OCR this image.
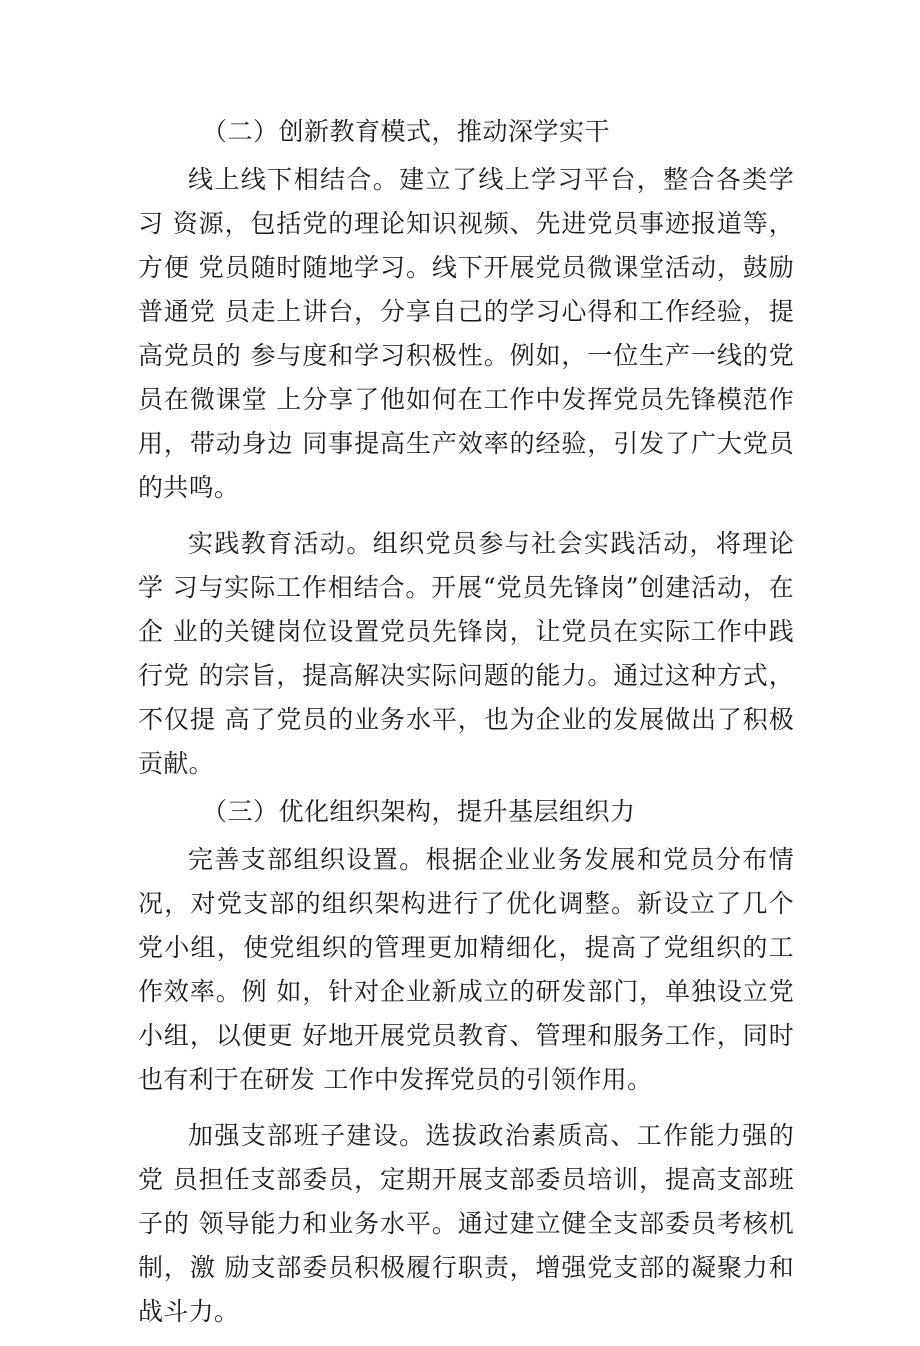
（二）创新教育模式，推动深学实干

线上线下相结合。建立了线上学习平台，整合各类学习 资源，包括党的理论知识视频、先进党员事迹报道等，方便 党员随时随地学习。线下开展党员微课堂活动，鼓励普通党 员走上讲台，分享自己的学习心得和工作经验，提高党员的 参与度和学习积极性。例如，一位生产一线的党员在微课堂 上分享了他如何在工作中发挥党员先锋模范作用，带动身边 同事提高生产效率的经验，引发了广大党员的共鸣。

实践教育活动。组织党员参与社会实践活动，将理论学 习与实际工作相结合。开展“党员先锋岗”创建活动，在企 业的关键岗位设置党员先锋岗，让党员在实际工作中践行党 的宗旨，提高解决实际问题的能力。通过这种方式，不仅提 高了党员的业务水平，也为企业的发展做出了积极贡献。

（三）优化组织架构，提升基层组织力

完善支部组织设置。根据企业业务发展和党员分布情况，对党支部的组织架构进行了优化调整。新设立了几个党小组，使党组织的管理更加精细化，提高了党组织的工作效率。例 如，针对企业新成立的研发部门，单独设立党小组，以便更 好地开展党员教育、管理和服务工作，同时也有利于在研发 工作中发挥党员的引领作用。

加强支部班子建设。选拔政治素质高、工作能力强的党 员担任支部委员，定期开展支部委员培训，提高支部班子的 领导能力和业务水平。通过建立健全支部委员考核机制，激 励支部委员积极履行职责，增强党支部的凝聚力和战斗力。
